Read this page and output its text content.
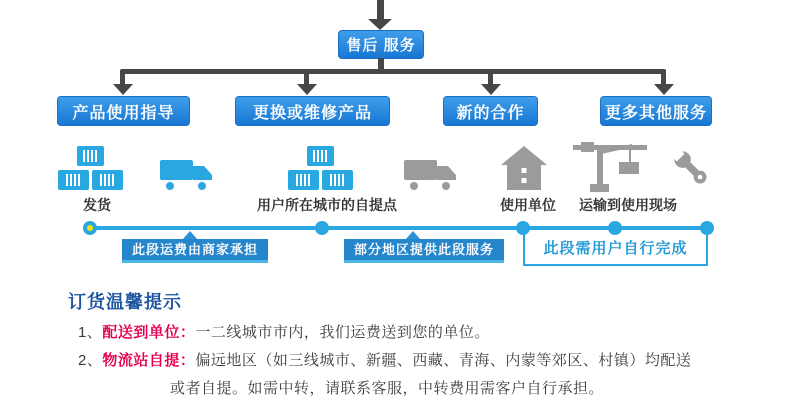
售后 服务
产品使用指导	更换或维修产品	新的合作	更多其他服务
发货	用户所在城市的自提点	使用单位 运输到使用现场
此段运费由商家承担	部分地区提供此段服务	此段需用户自行完成
订货温馨提示
1、配送到单位：一二线城市市内，我们运费送到您的单位。
2、物流站自提：偏远地区（如三线城市、新疆、西藏、青海、内蒙等郊区、村镇）均配送
或者自提。如需中转，请联系客服，中转费用需客户自行承担。
